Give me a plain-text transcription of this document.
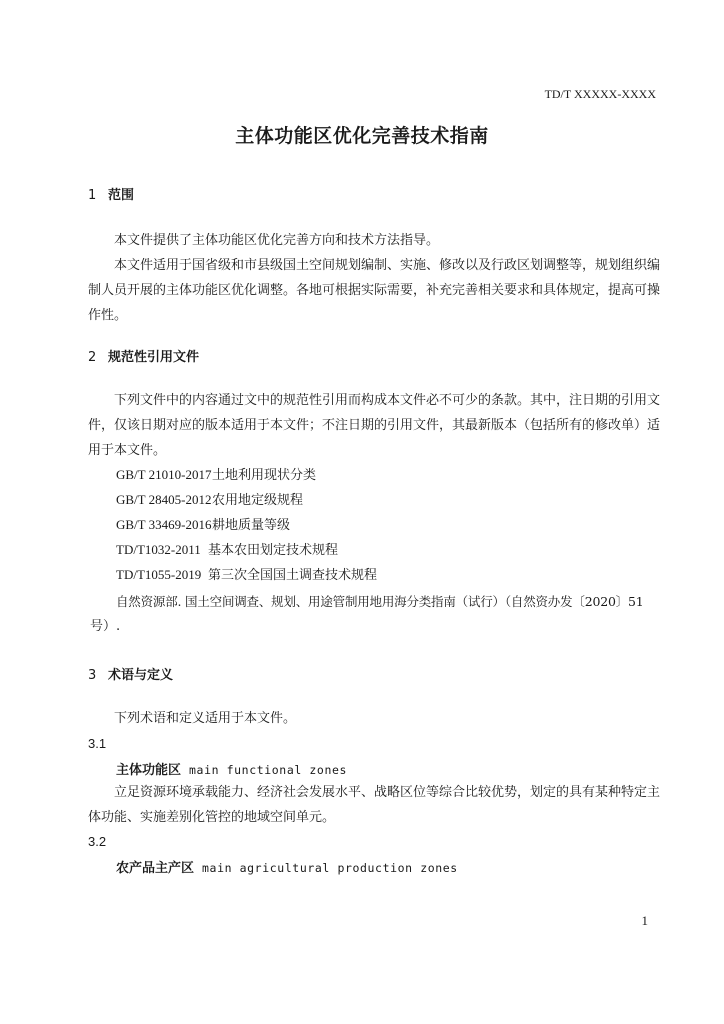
TD/T XXXXX-XXXX
主体功能区优化完善技术指南
1 范围
本文件提供了主体功能区优化完善方向和技术方法指导。
本文件适用于国省级和市县级国土空间规划编制、实施、修改以及行政区划调整等，规划组织编制人员开展的主体功能区优化调整。各地可根据实际需要，补充完善相关要求和具体规定，提高可操作性。
2 规范性引用文件
下列文件中的内容通过文中的规范性引用而构成本文件必不可少的条款。其中，注日期的引用文件，仅该日期对应的版本适用于本文件；不注日期的引用文件，其最新版本（包括所有的修改单）适用于本文件。
GB/T 21010-2017土地利用现状分类
GB/T 28405-2012农用地定级规程
GB/T 33469-2016耕地质量等级
TD/T1032-2011 基本农田划定技术规程
TD/T1055-2019 第三次全国国土调查技术规程
自然资源部. 国土空间调查、规划、用途管制用地用海分类指南（试行）（自然资办发〔2020〕51
号）.
3 术语与定义
下列术语和定义适用于本文件。
3.1
主体功能区 main functional zones
立足资源环境承载能力、经济社会发展水平、战略区位等综合比较优势，划定的具有某种特定主体功能、实施差别化管控的地域空间单元。
3.2
农产品主产区 main agricultural production zones
1
